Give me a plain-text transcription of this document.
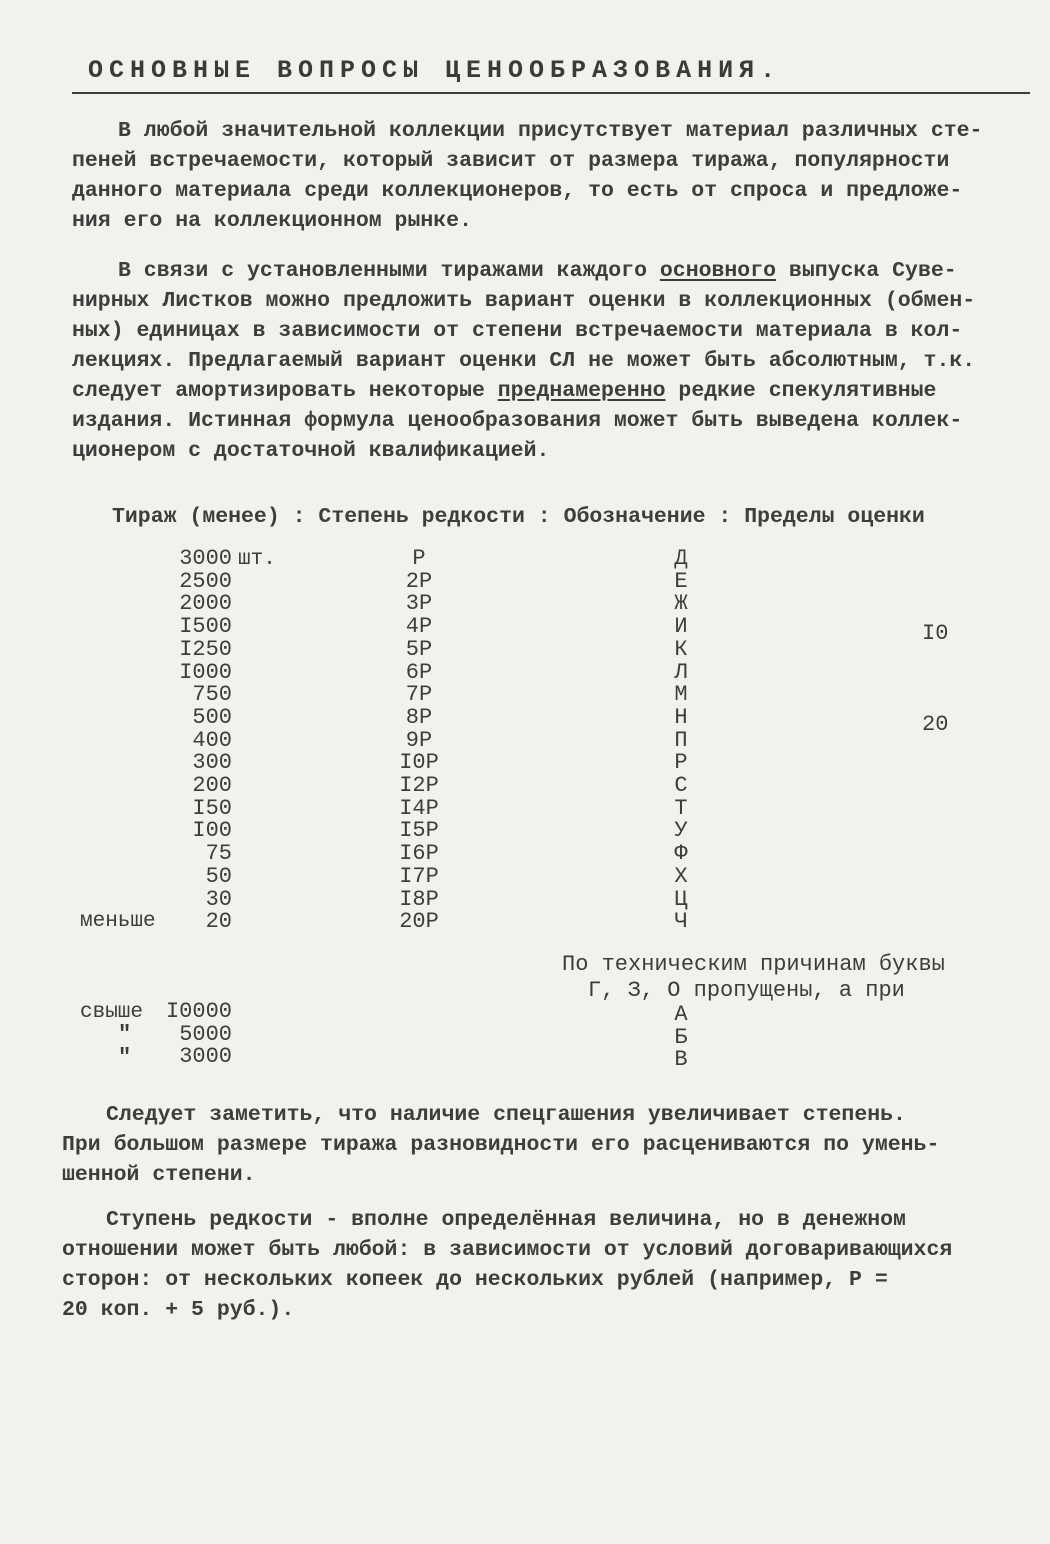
ОСНОВНЫЕ ВОПРОСЫ ЦЕНООБРАЗОВАНИЯ.
В любой значительной коллекции присутствует материал различных сте-
пеней встречаемости, который зависит от размера тиража, популярности
данного материала среди коллекционеров, то есть от спроса и предложе-
ния его на коллекционном рынке.
В связи с установленными тиражами каждого основного выпуска Суве-
нирных Листков можно предложить вариант оценки в коллекционных (обмен-
ных) единицах в зависимости от степени встречаемости материала в кол-
лекциях. Предлагаемый вариант оценки СЛ не может быть абсолютным, т.к.
следует амортизировать некоторые преднамеренно редкие спекулятивные
издания. Истинная формула ценообразования может быть выведена коллек-
ционером с достаточной квалификацией.
Тираж (менее) : Степень редкости : Обозначение : Пределы оценки
3000
2500
2000
I500
I250
I000
750
500
400
300
200
I50
I00
75
50
30
20
шт.
меньше
Р
2Р
3Р
4Р
5Р
6Р
7Р
8Р
9Р
I0Р
I2Р
I4Р
I5Р
I6Р
I7Р
I8Р
20Р
Д
Е
Ж
И
К
Л
М
Н
П
Р
С
Т
У
Ф
Х
Ц
Ч
I0
20
По техническим причинам буквы
Г, З, О пропущены, а при
свыше
"
"
I0000
5000
3000
А
Б
В
Следует заметить, что наличие спецгашения увеличивает степень.
При большом размере тиража разновидности его расцениваются по умень-
шенной степени.
Ступень редкости - вполне определённая величина, но в денежном
отношении может быть любой: в зависимости от условий договаривающихся
сторон: от нескольких копеек до нескольких рублей (например, Р =
20 коп. + 5 руб.).
